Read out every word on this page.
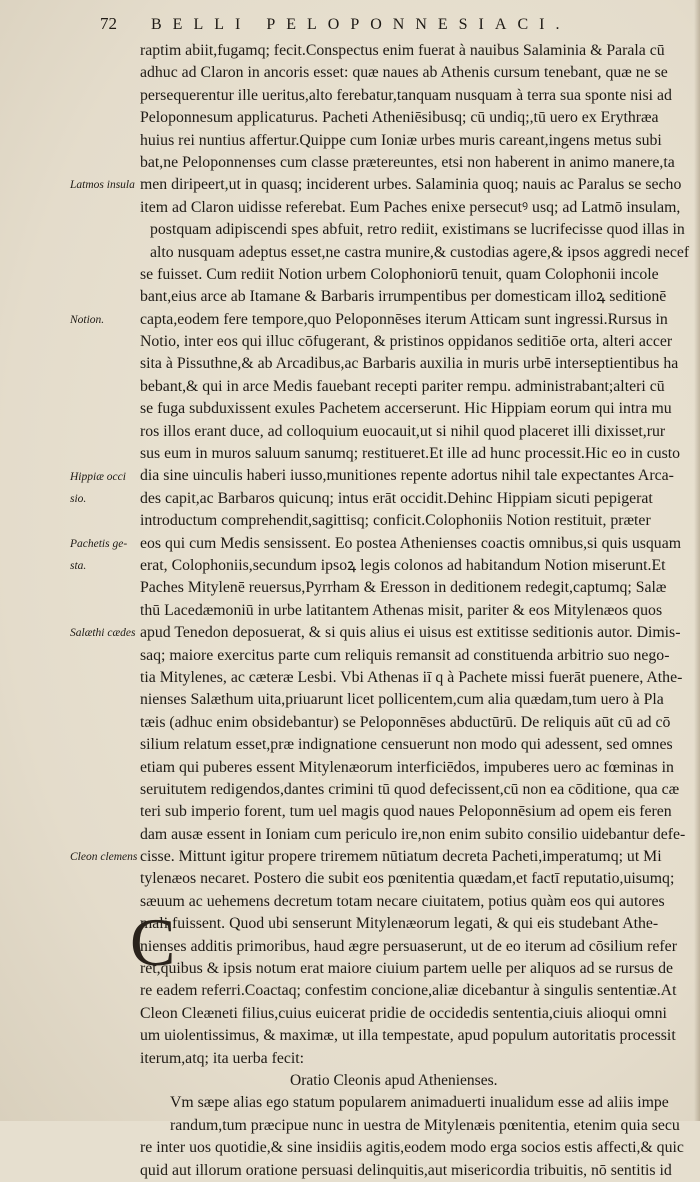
72 BELLI PELOPONNESIACI.
Latmos insula
Notion.
Hippiæ occi
sio.
Pachetis ge-
sta.
Salæthi cædes
Cleon clemens
raptim abiit,fugamq; fecit.Conspectus enim fuerat à nauibus Salaminia & Parala cū
adhuc ad Claron in ancoris esset: quæ naues ab Athenis cursum tenebant, quæ ne se
persequerentur ille ueritus,alto ferebatur,tanquam nusquam à terra sua sponte nisi ad
Peloponnesum applicaturus. Pacheti Atheniēsibusq; cū undiq;,tū uero ex Erythræa
huius rei nuntius affertur.Quippe cum Ioniæ urbes muris careant,ingens metus subi
bat,ne Peloponnenses cum classe prætereuntes, etsi non haberent in animo manere,ta
men diripeert,ut in quasq; inciderent urbes. Salaminia quoq; nauis ac Paralus se secho
item ad Claron uidisse referebat. Eum Paches enixe persecutꝰ usq; ad Latmō insulam,
postquam adipiscendi spes abfuit, retro rediit, existimans se lucrifecisse quod illas in
alto nusquam adeptus esset,ne castra munire,& custodias agere,& ipsos aggredi necef
se fuisset. Cum rediit Notion urbem Colophoniorū tenuit, quam Colophonii incole
bant,eius arce ab Itamane & Barbaris irrumpentibus per domesticam illoꝝ seditionē
capta,eodem fere tempore,quo Peloponnēses iterum Atticam sunt ingressi.Rursus in
Notio, inter eos qui illuc cōfugerant, & pristinos oppidanos seditiōe orta, alteri accer
sita à Pissuthne,& ab Arcadibus,ac Barbaris auxilia in muris urbē interseptientibus ha
bebant,& qui in arce Medis fauebant recepti pariter rempu. administrabant;alteri cū
se fuga subduxissent exules Pachetem accerserunt. Hic Hippiam eorum qui intra mu
ros illos erant duce, ad colloquium euocauit,ut si nihil quod placeret illi dixisset,rur
sus eum in muros saluum sanumq; restitueret.Et ille ad hunc processit.Hic eo in custo
dia sine uinculis haberi iusso,munitiones repente adortus nihil tale expectantes Arca-
des capit,ac Barbaros quicunq; intus erāt occidit.Dehinc Hippiam sicuti pepigerat
introductum comprehendit,sagittisq; conficit.Colophoniis Notion restituit, præter
eos qui cum Medis sensissent. Eo postea Athenienses coactis omnibus,si quis usquam
erat, Colophoniis,secundum ipsoꝝ legis colonos ad habitandum Notion miserunt.Et
Paches Mitylenē reuersus,Pyrrham & Eresson in deditionem redegit,captumq; Salæ
thū Lacedæmoniū in urbe latitantem Athenas misit, pariter & eos Mitylenæos quos
apud Tenedon deposuerat, & si quis alius ei uisus est extitisse seditionis autor. Dimis-
saq; maiore exercitus parte cum reliquis remansit ad constituenda arbitrio suo nego-
tia Mitylenes, ac cæteræ Lesbi. Vbi Athenas iī q à Pachete missi fuerāt puenere, Athe-
nienses Salæthum uita,priuarunt licet pollicentem,cum alia quædam,tum uero à Pla
tæis (adhuc enim obsidebantur) se Peloponnēses abductūrū. De reliquis aūt cū ad cō
silium relatum esset,præ indignatione censuerunt non modo qui adessent, sed omnes
etiam qui puberes essent Mitylenæorum interficiēdos, impuberes uero ac fœminas in
seruitutem redigendos,dantes crimini tū quod defecissent,cū non ea cōditione, qua cæ
teri sub imperio forent, tum uel magis quod naues Peloponnēsium ad opem eis feren
dam ausæ essent in Ioniam cum periculo ire,non enim subito consilio uidebantur defe-
cisse. Mittunt igitur propere triremem nūtiatum decreta Pacheti,imperatumq; ut Mi
tylenæos necaret. Postero die subit eos pœnitentia quædam,et factī reputatio,uisumq;
sæuum ac uehemens decretum totam necare ciuitatem, potius quàm eos qui autores
mali fuissent. Quod ubi senserunt Mitylenæorum legati, & qui eis studebant Athe-
nienses additis primoribus, haud ægre persuaserunt, ut de eo iterum ad cōsilium refer
rēt,quibus & ipsis notum erat maiore ciuium partem uelle per aliquos ad se rursus de
re eadem referri.Coactaq; confestim concione,aliæ dicebantur à singulis sententiæ.At
Cleon Cleæneti filius,cuius euicerat pridie de occidedis sententia,ciuis alioqui omni
um uiolentissimus, & maximæ, ut illa tempestate, apud populum autoritatis processit
iterum,atq; ita uerba fecit:
Oratio Cleonis apud Athenienses.
Vm sæpe alias ego statum popularem animaduerti inualidum esse ad aliis impe
randum,tum præcipue nunc in uestra de Mitylenæis pœnitentia, etenim quia secu
re inter uos quotidie,& sine insidiis agitis,eodem modo erga socios estis affecti,& quic
quid aut illorum oratione persuasi delinquitis,aut misericordia tribuitis, nō sentitis id
C
